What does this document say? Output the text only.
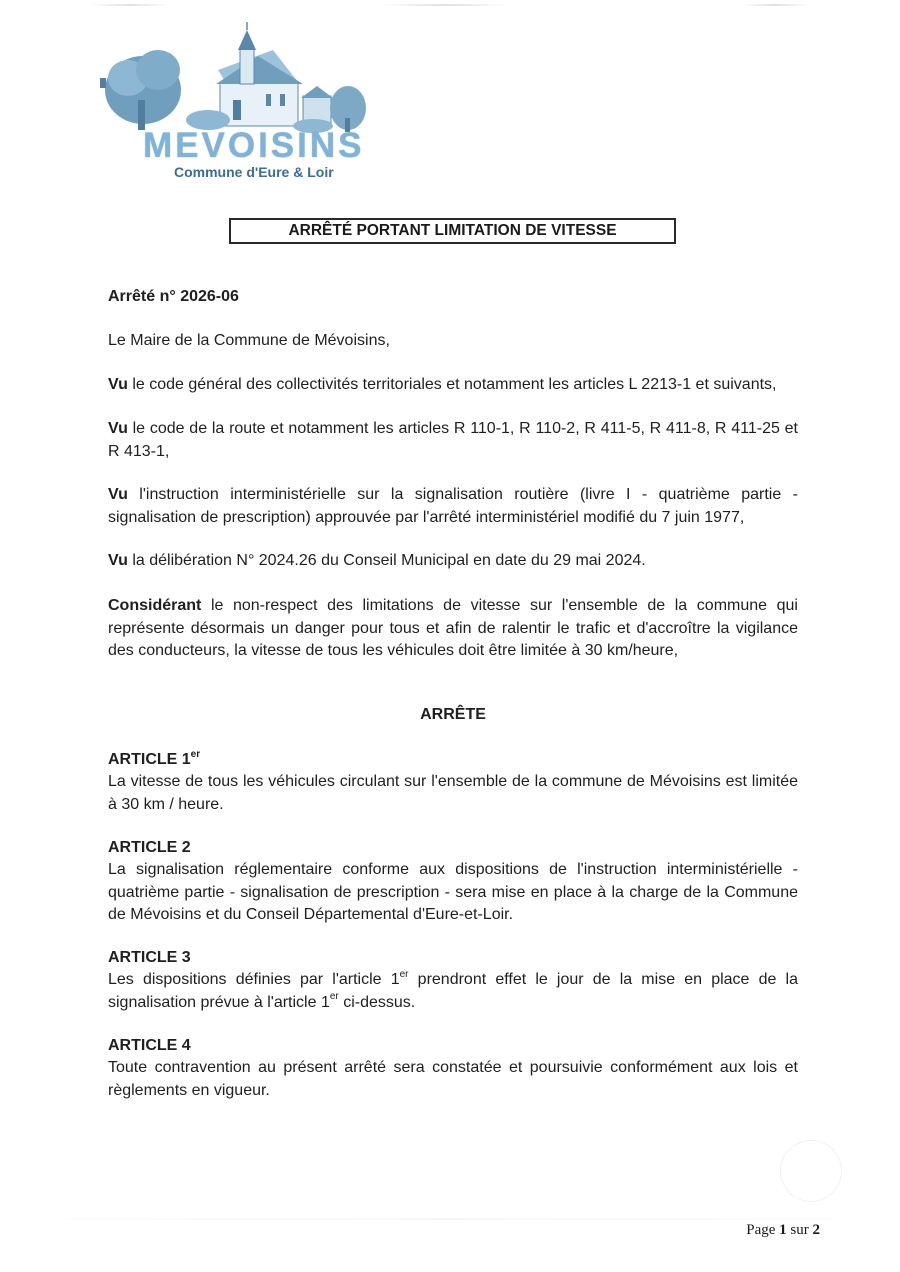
MEVOISINS
Commune d'Eure & Loir
ARRÊTÉ PORTANT LIMITATION DE VITESSE
Arrêté n° 2026-06
Le Maire de la Commune de Mévoisins,
Vu le code général des collectivités territoriales et notamment les articles L 2213-1 et suivants,
Vu le code de la route et notamment les articles R 110-1, R 110-2, R 411-5, R 411-8, R 411-25 et R 413-1,
Vu l'instruction interministérielle sur la signalisation routière (livre I - quatrième partie - signalisation de prescription) approuvée par l'arrêté interministériel modifié du 7 juin 1977,
Vu la délibération N° 2024.26 du Conseil Municipal en date du 29 mai 2024.
Considérant le non-respect des limitations de vitesse sur l'ensemble de la commune qui représente désormais un danger pour tous et afin de ralentir le trafic et d'accroître la vigilance des conducteurs, la vitesse de tous les véhicules doit être limitée à 30 km/heure,
ARRÊTE
ARTICLE 1er
La vitesse de tous les véhicules circulant sur l'ensemble de la commune de Mévoisins est limitée à 30 km / heure.
ARTICLE 2
La signalisation réglementaire conforme aux dispositions de l'instruction interministérielle - quatrième partie - signalisation de prescription - sera mise en place à la charge de la Commune de Mévoisins et du Conseil Départemental d'Eure-et-Loir.
ARTICLE 3
Les dispositions définies par l'article 1er prendront effet le jour de la mise en place de la signalisation prévue à l'article 1er ci-dessus.
ARTICLE 4
Toute contravention au présent arrêté sera constatée et poursuivie conformément aux lois et règlements en vigueur.
Page 1 sur 2
